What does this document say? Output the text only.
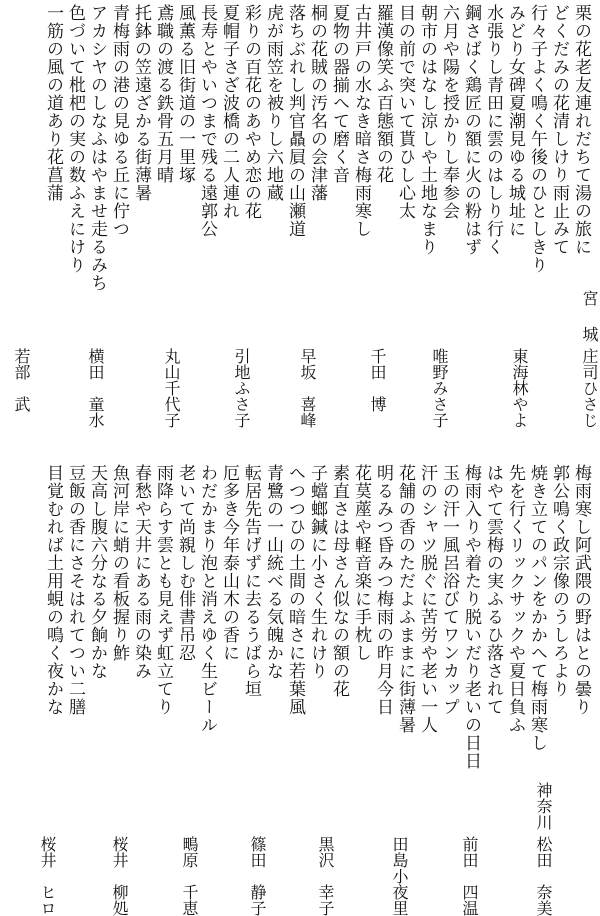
栗の花老友連れだちて湯の旅に
どくだみの花清しけり雨止みて
行々子よく鳴く午後のひとしきり
みどり女碑夏潮見ゆる城址に
水張りし青田に雲のはしり行く
鋼さばく鶏匠の額に火の粉はず
六月や陽を授かりし奉参会
朝市のはなし涼しや土地なまり
目の前で突いて貰ひし心太
羅漢像笑ふ百態額の花
古井戸の水なき暗さ梅雨寒し
夏物の器揃へて磨く音
桐の花賊の汚名の会津藩
落ちぶれし判官贔屓の山瀬道
虎が雨笠を被りし六地蔵
彩りの百花のあやめ恋の花
夏帽子さざ波橋の二人連れ
長寿とやいつまで残る遠郭公
風薫る旧街道の一里塚
鳶職の渡る鉄骨五月晴
托鉢の笠遠ざかる街薄暑
青梅雨の港の見ゆる丘に佇つ
アカシヤのしなふはやませ走るみち
色づいて枇杷の実の数ふえにけり
一筋の風の道あり花菖蒲
宮城
庄司ひさじ
東海林やよ
唯野みさ子
千田　博
早坂　喜峰
引地ふさ子
丸山千代子
横田　童水
若部　武
梅雨寒し阿武隈の野はとの曇り
郭公鳴く政宗像のうしろより
焼き立てのパンをかかへて梅雨寒し
先を行くリックサックや夏日負ふ
はやて雲梅の実ふるひ落されて
梅雨入りや着たり脱いだり老いの日日
玉の汗一風呂浴びてワンカップ
汗のシャツ脱ぐに苦労や老い一人
花舗の香のただよふままに街薄暑
明るみつ昏みつ梅雨の昨月今日
花茣蓙や軽音楽に手枕し
素直さは母さん似なの額の花
子蟷螂鍼に小さく生れけり
へつつひの土間の暗さに若葉風
青鷺の一山統べる気魄かな
転居先告げずに去るうばら垣
厄多き今年泰山木の香に
わだかまり泡と消えゆく生ビール
老いて尚親しむ俳書吊忍
雨降らす雲とも見えず虹立てり
春愁や天井にある雨の染み
魚河岸に蛸の看板握り鮓
天高し腹六分なる夕餉かな
豆飯の香にさそはれてつい二膳
目覚むれば土用蜆の鳴く夜かな
神奈川
松田　奈美
前田　四温
田島小夜里
黒沢　幸子
篠田　静子
鴫原　千恵
桜井　柳処
桜井　ヒロ
